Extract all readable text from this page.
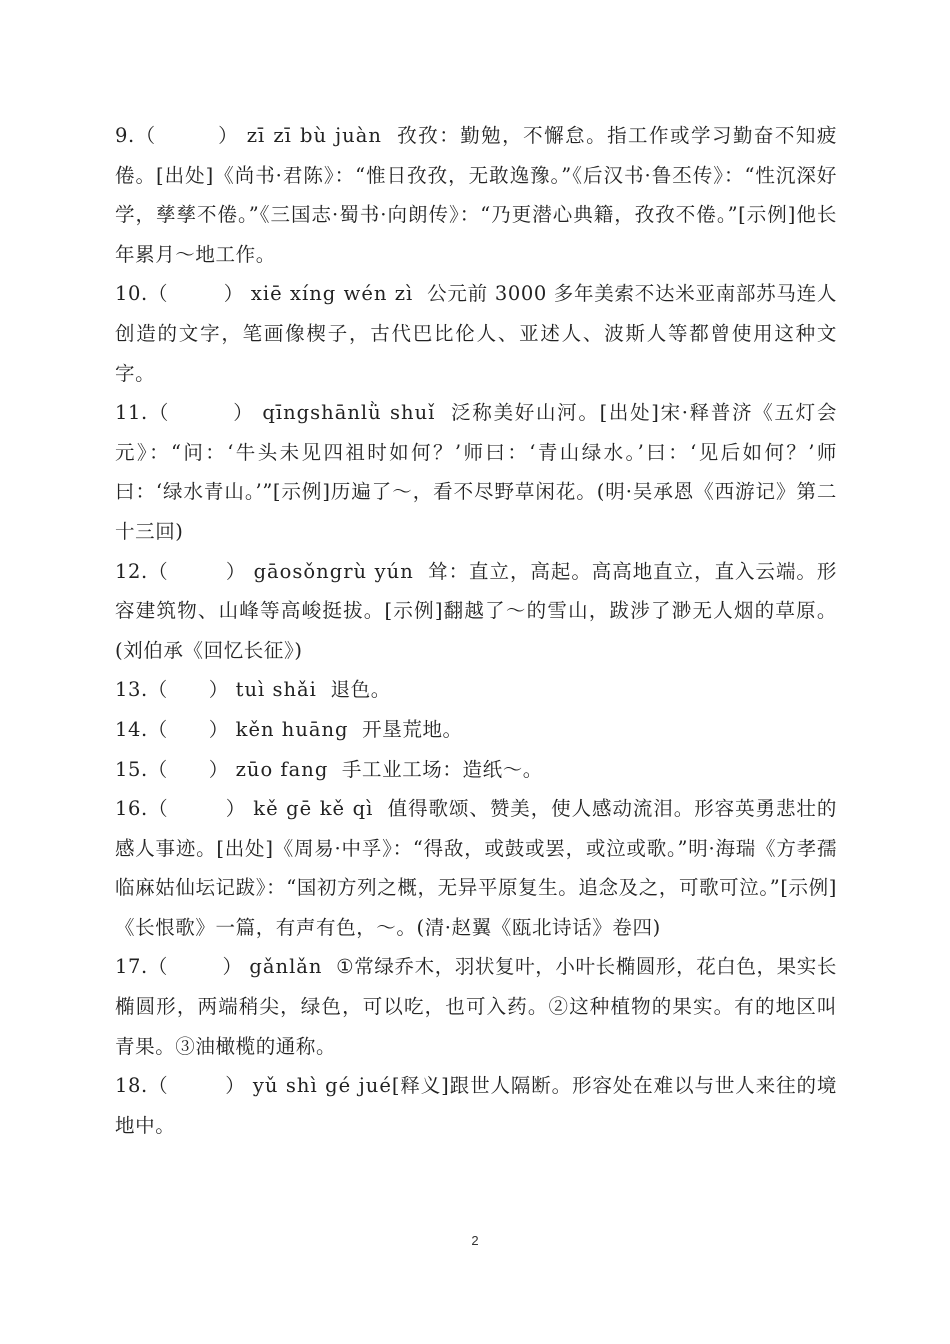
9.（        ） zī zī bù juàn 孜孜：勤勉，不懈怠。指工作或学习勤奋不知疲倦。[出处]《尚书·君陈》：“惟日孜孜，无敢逸豫。”《后汉书·鲁丕传》：“性沉深好学，孳孳不倦。”《三国志·蜀书·向朗传》：“乃更潜心典籍，孜孜不倦。”[示例]他长年累月～地工作。

10.（        ） xiē xíng wén zì 公元前 3000 多年美索不达米亚南部苏马连人创造的文字，笔画像楔子，古代巴比伦人、亚述人、波斯人等都曾使用这种文字。

11.（        ） qīngshānlǜ shuǐ 泛称美好山河。[出处]宋·释普济《五灯会元》：“问：‘牛头未见四祖时如何？’师曰：‘青山绿水。’曰：‘见后如何？’师曰：‘绿水青山。’”[示例]历遍了～，看不尽野草闲花。(明·吴承恩《西游记》第二十三回)

12.（        ） gāosǒngrù yún 耸：直立，高起。高高地直立，直入云端。形容建筑物、山峰等高峻挺拔。[示例]翻越了～的雪山，跋涉了渺无人烟的草原。(刘伯承《回忆长征》)

13.（      ） tuì shǎi 退色。

14.（      ） kěn huāng 开垦荒地。

15.（      ） zūo fang 手工业工场：造纸～。

16.（        ） kě gē kě qì 值得歌颂、赞美，使人感动流泪。形容英勇悲壮的感人事迹。[出处]《周易·中孚》：“得敌，或鼓或罢，或泣或歌。”明·海瑞《方孝孺临麻姑仙坛记跋》：“国初方列之概，无异平原复生。追念及之，可歌可泣。”[示例]《长恨歌》一篇，有声有色，～。(清·赵翼《瓯北诗话》卷四)

17.（        ） gǎnlǎn ①常绿乔木，羽状复叶，小叶长椭圆形，花白色，果实长椭圆形，两端稍尖，绿色，可以吃，也可入药。②这种植物的果实。有的地区叫青果。③油橄榄的通称。

18.（        ） yǔ shì gé jué[释义]跟世人隔断。形容处在难以与世人来往的境地中。

2
